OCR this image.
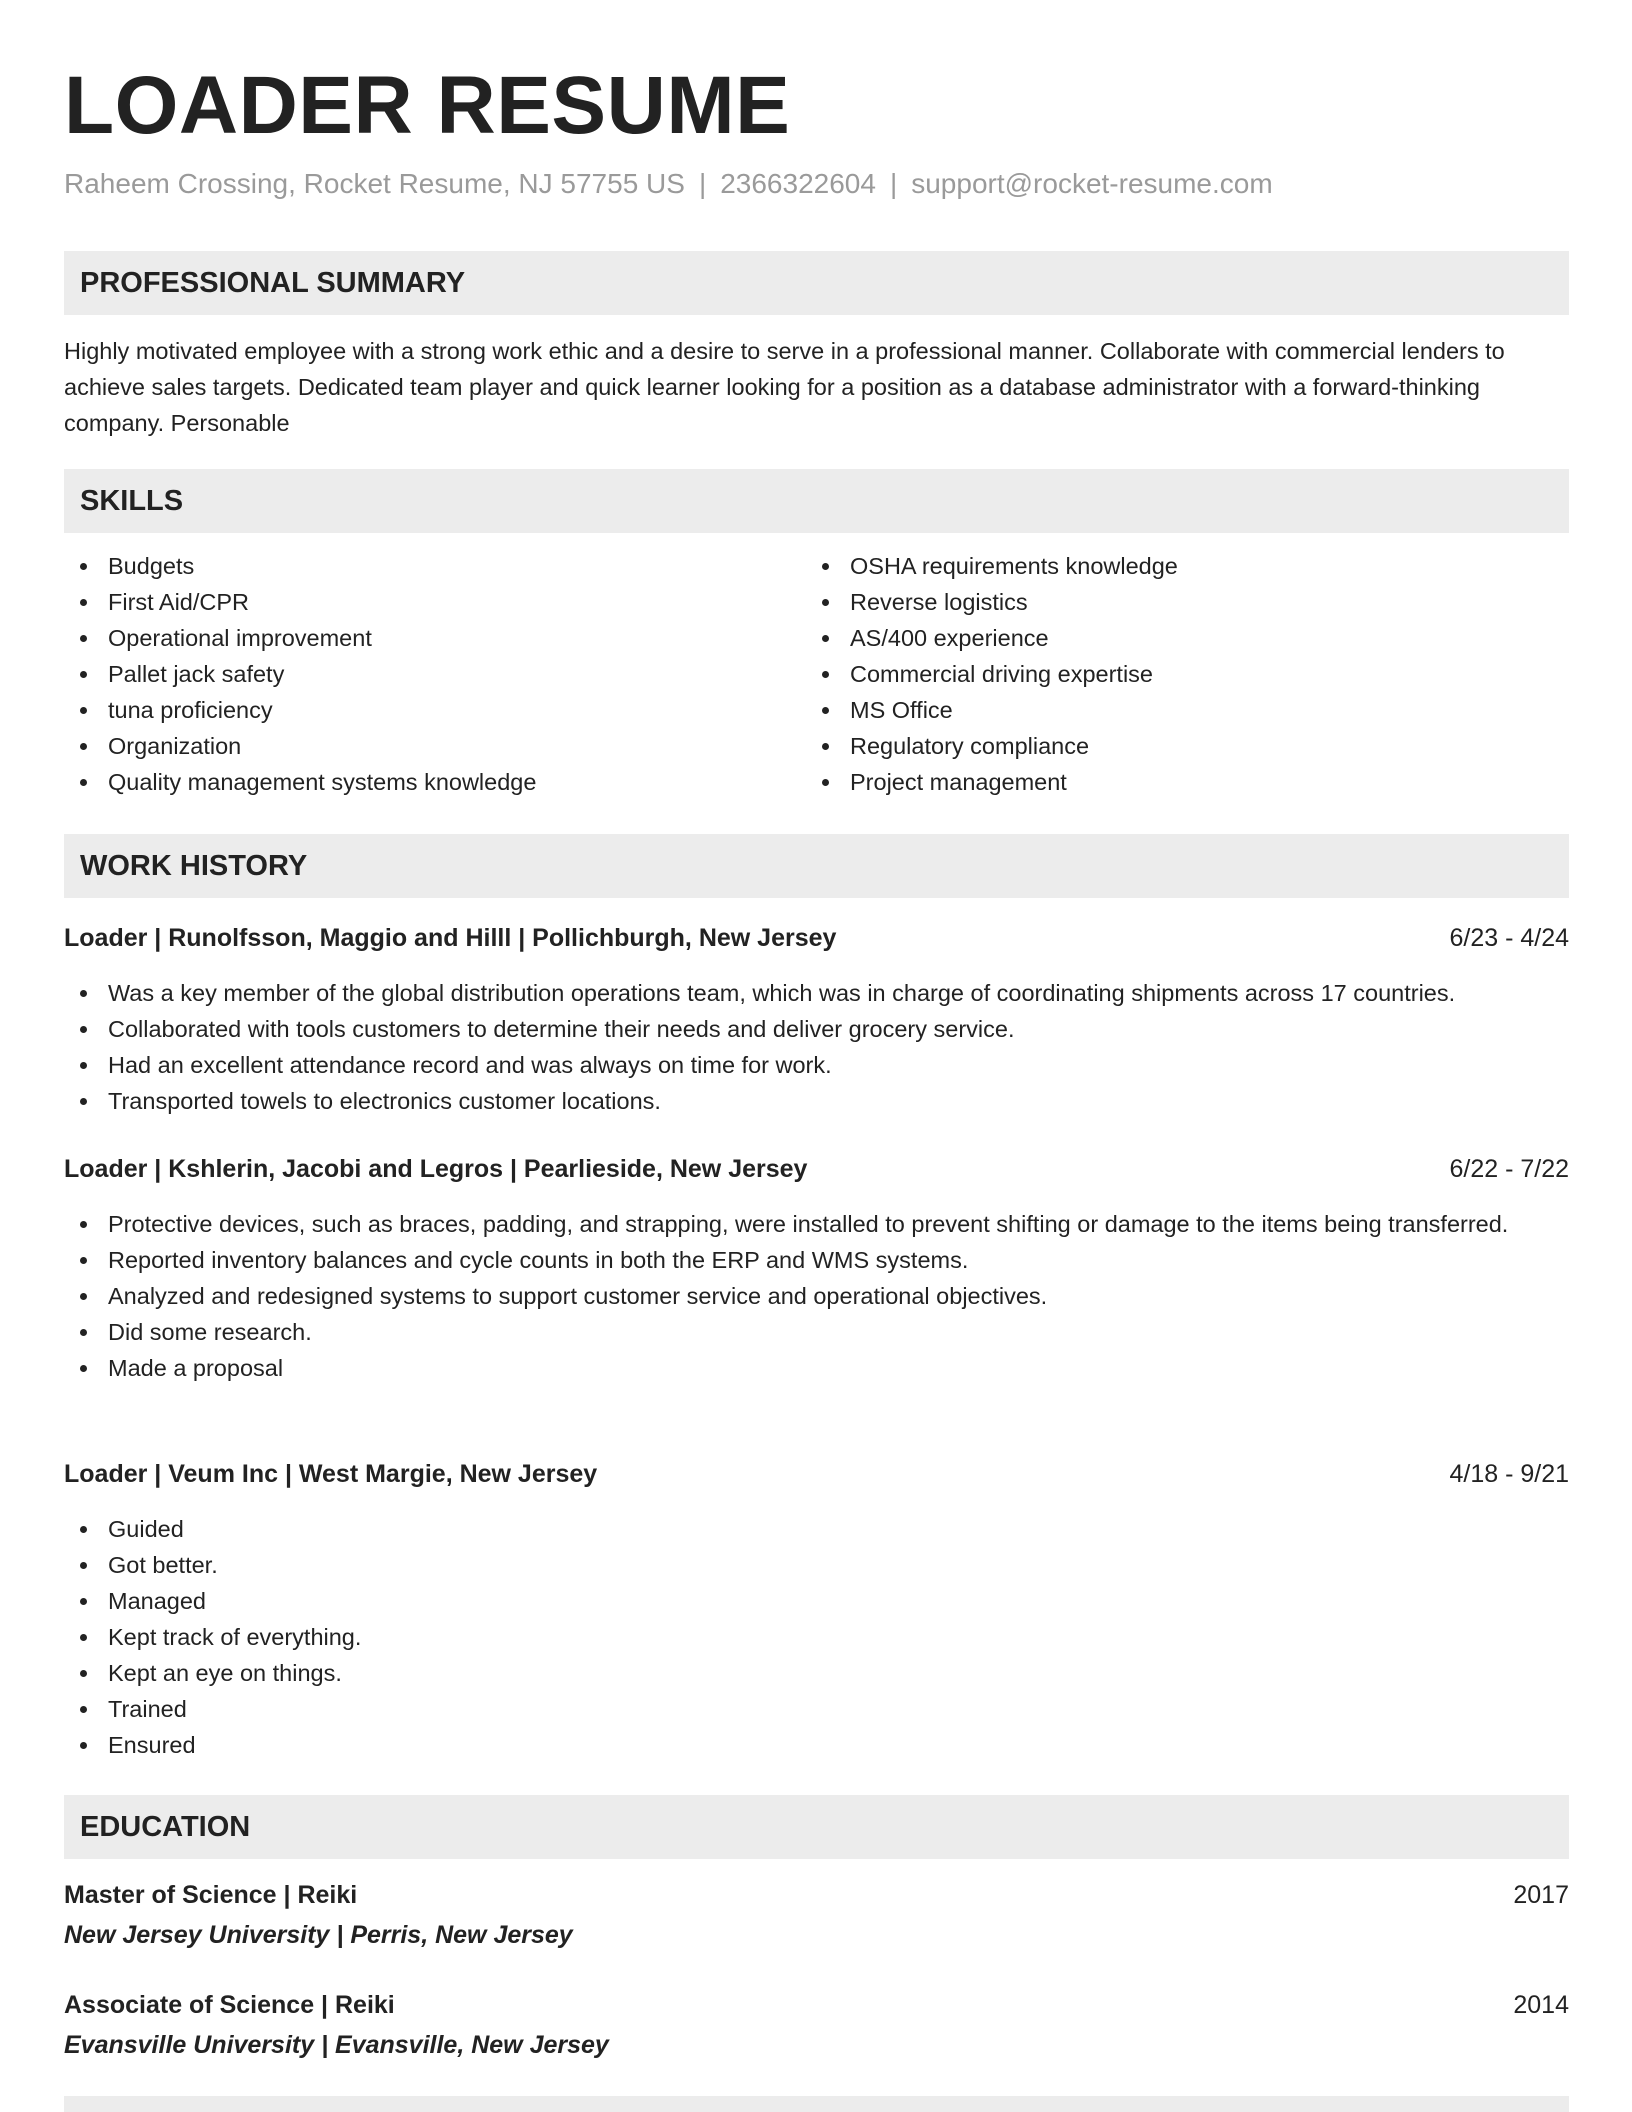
LOADER RESUME
Raheem Crossing, Rocket Resume, NJ 57755 US | 2366322604 | support@rocket-resume.com
PROFESSIONAL SUMMARY

Highly motivated employee with a strong work ethic and a desire to serve in a professional manner. Collaborate with commercial lenders to achieve sales targets. Dedicated team player and quick learner looking for a position as a database administrator with a forward-thinking company. Personable

SKILLS
Budgets
First Aid/CPR
Operational improvement
Pallet jack safety
tuna proficiency
Organization
Quality management systems knowledge
OSHA requirements knowledge
Reverse logistics
AS/400 experience
Commercial driving expertise
MS Office
Regulatory compliance
Project management
WORK HISTORY
Loader | Runolfsson, Maggio and Hilll | Pollichburgh, New Jersey	6/23 - 4/24
Was a key member of the global distribution operations team, which was in charge of coordinating shipments across 17 countries.
Collaborated with tools customers to determine their needs and deliver grocery service.
Had an excellent attendance record and was always on time for work.
Transported towels to electronics customer locations.
Loader | Kshlerin, Jacobi and Legros | Pearlieside, New Jersey	6/22 - 7/22
Protective devices, such as braces, padding, and strapping, were installed to prevent shifting or damage to the items being transferred.
Reported inventory balances and cycle counts in both the ERP and WMS systems.
Analyzed and redesigned systems to support customer service and operational objectives.
Did some research.
Made a proposal
Loader | Veum Inc | West Margie, New Jersey	4/18 - 9/21
Guided
Got better.
Managed
Kept track of everything.
Kept an eye on things.
Trained
Ensured
EDUCATION
Master of Science | Reiki	2017
New Jersey University | Perris, New Jersey
Associate of Science | Reiki	2014
Evansville University | Evansville, New Jersey
